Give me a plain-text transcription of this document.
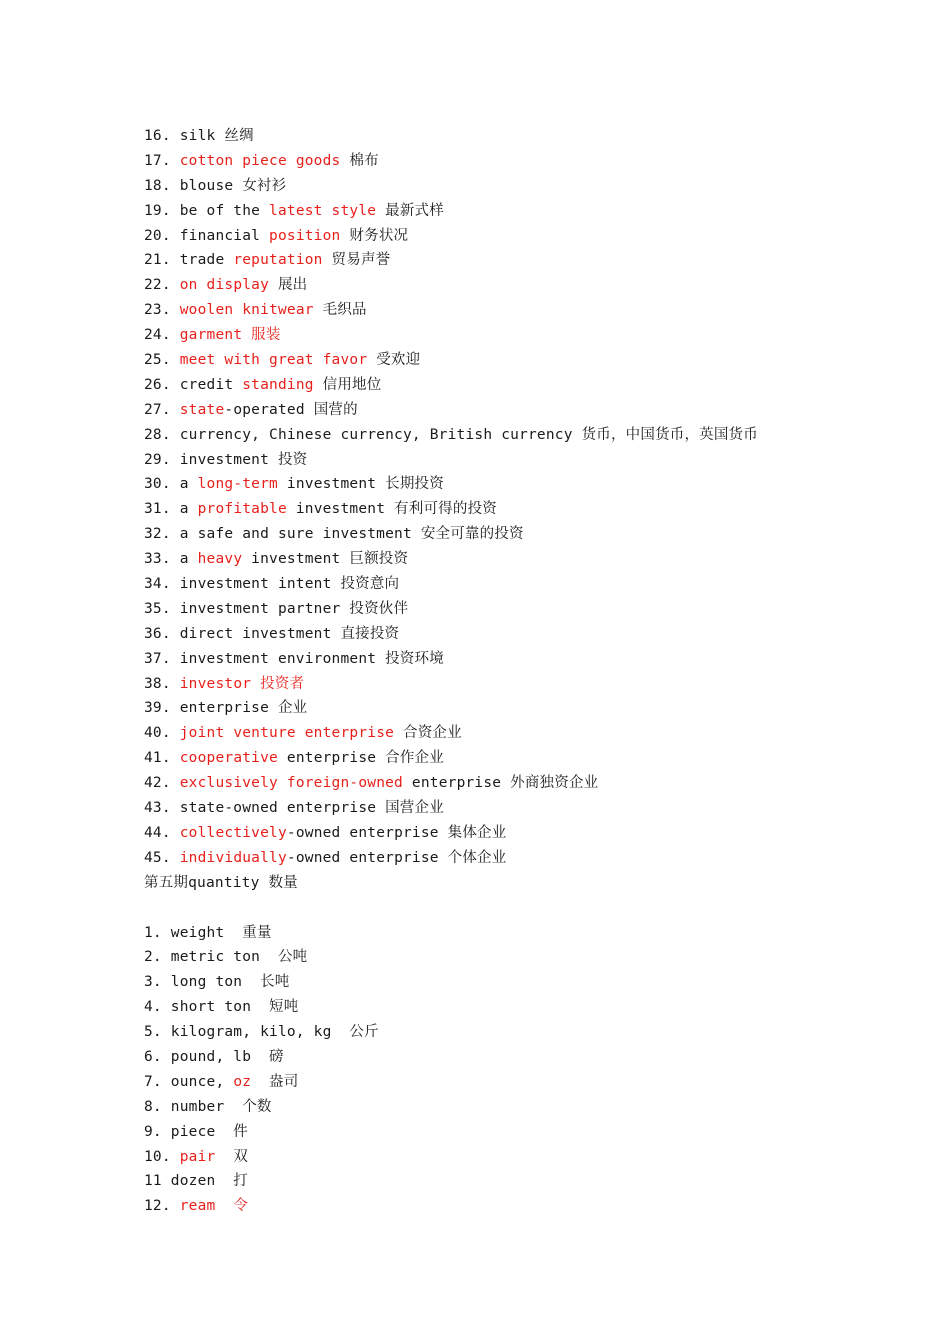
16. silk 丝绸
17. cotton piece goods 棉布
18. blouse 女衬衫
19. be of the latest style 最新式样
20. financial position 财务状况
21. trade reputation 贸易声誉
22. on display 展出
23. woolen knitwear 毛织品
24. garment 服装
25. meet with great favor 受欢迎
26. credit standing 信用地位
27. state-operated 国营的
28. currency, Chinese currency, British currency 货币，中国货币，英国货币
29. investment 投资
30. a long-term investment 长期投资
31. a profitable investment 有利可得的投资
32. a safe and sure investment 安全可靠的投资
33. a heavy investment 巨额投资
34. investment intent 投资意向
35. investment partner 投资伙伴
36. direct investment 直接投资
37. investment environment 投资环境
38. investor 投资者
39. enterprise 企业
40. joint venture enterprise 合资企业
41. cooperative enterprise 合作企业
42. exclusively foreign-owned enterprise 外商独资企业
43. state-owned enterprise 国营企业
44. collectively-owned enterprise 集体企业
45. individually-owned enterprise 个体企业
第五期quantity 数量
1. weight  重量
2. metric ton  公吨
3. long ton  长吨
4. short ton  短吨
5. kilogram, kilo, kg  公斤
6. pound, lb  磅
7. ounce, oz  盎司
8. number  个数
9. piece  件
10. pair  双
11 dozen  打
12. ream  令
